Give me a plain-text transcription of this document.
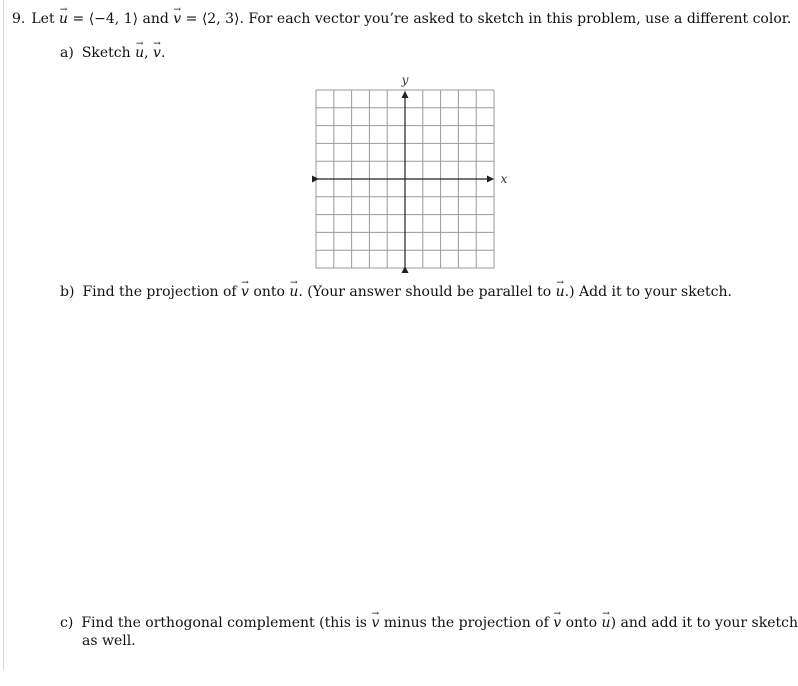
9. Let → u = ⟨−4, 1⟩ and → v = ⟨2, 3⟩. For each vector you’re asked to sketch in this problem, use a different color.
a) Sketch → u, → v.
y
x
b) Find the projection of → v onto → u. (Your answer should be parallel to → u.) Add it to your sketch.
c) Find the orthogonal complement (this is → v minus the projection of → v onto → u) and add it to your sketch
as well.
